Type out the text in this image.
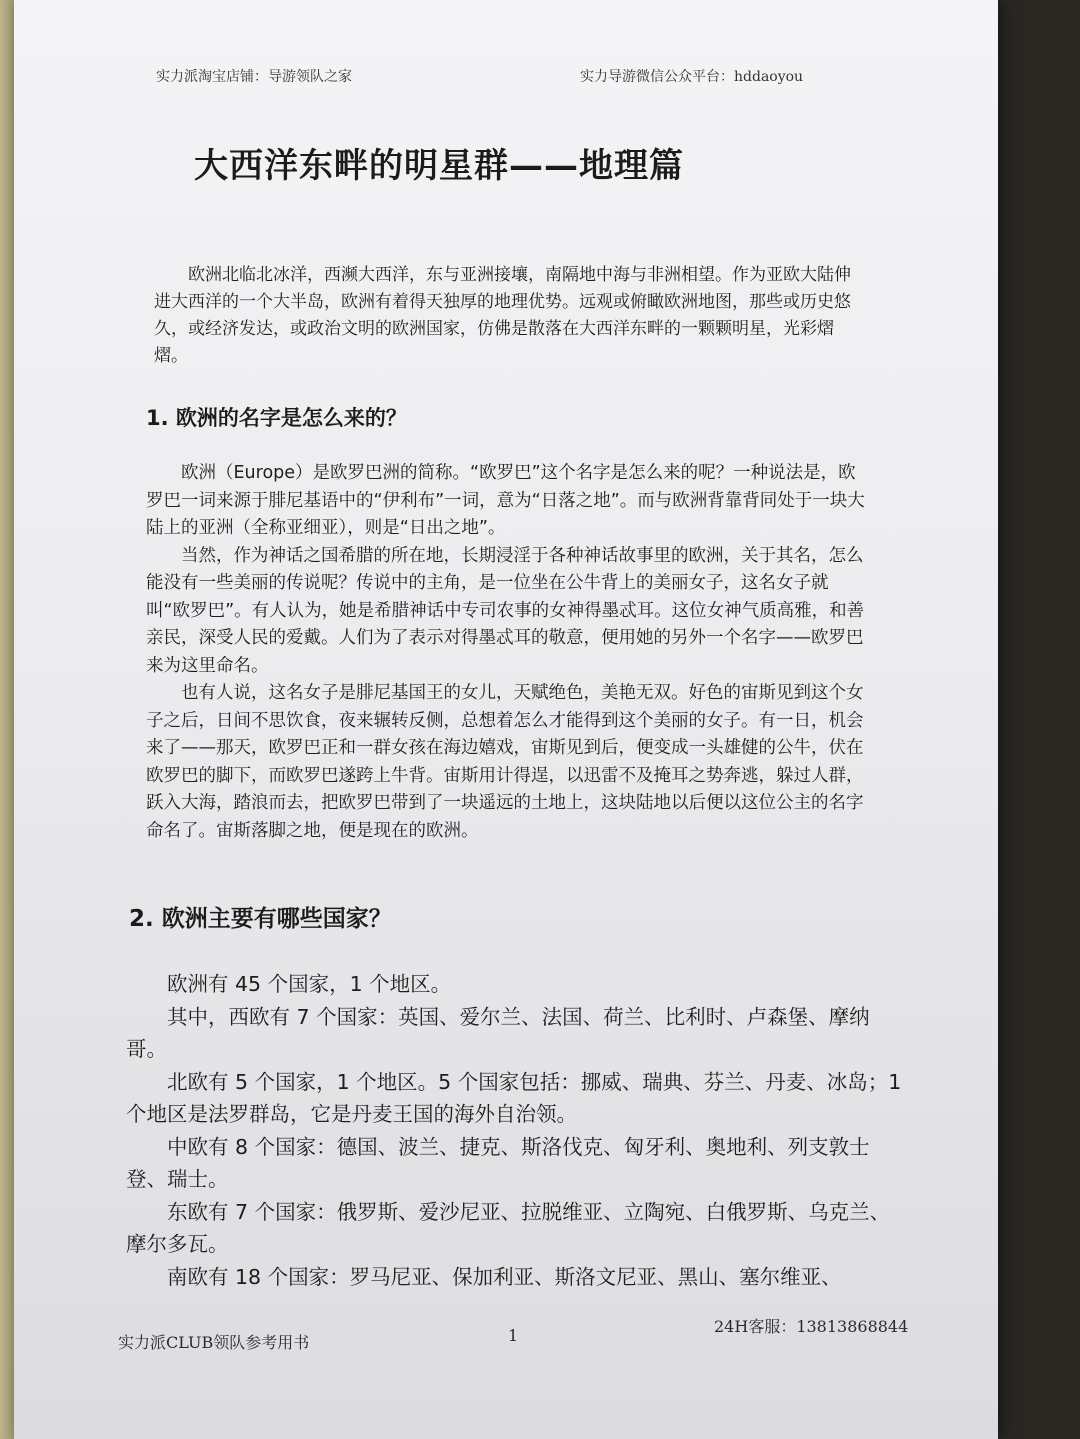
实力派淘宝店铺：导游领队之家	实力导游微信公众平台：hddaoyou
大西洋东畔的明星群——地理篇

欧洲北临北冰洋，西濒大西洋，东与亚洲接壤，南隔地中海与非洲相望。作为亚欧大陆伸进大西洋的一个大半岛，欧洲有着得天独厚的地理优势。远观或俯瞰欧洲地图，那些或历史悠久，或经济发达，或政治文明的欧洲国家，仿佛是散落在大西洋东畔的一颗颗明星，光彩熠熠。

1. 欧洲的名字是怎么来的？

欧洲（Europe）是欧罗巴洲的简称。“欧罗巴”这个名字是怎么来的呢？一种说法是，欧罗巴一词来源于腓尼基语中的“伊利布”一词，意为“日落之地”。而与欧洲背靠背同处于一块大陆上的亚洲（全称亚细亚），则是“日出之地”。

当然，作为神话之国希腊的所在地，长期浸淫于各种神话故事里的欧洲，关于其名，怎么能没有一些美丽的传说呢？传说中的主角，是一位坐在公牛背上的美丽女子，这名女子就叫“欧罗巴”。有人认为，她是希腊神话中专司农事的女神得墨忒耳。这位女神气质高雅，和善亲民，深受人民的爱戴。人们为了表示对得墨忒耳的敬意，便用她的另外一个名字——欧罗巴来为这里命名。

也有人说，这名女子是腓尼基国王的女儿，天赋绝色，美艳无双。好色的宙斯见到这个女子之后，日间不思饮食，夜来辗转反侧，总想着怎么才能得到这个美丽的女子。有一日，机会来了——那天，欧罗巴正和一群女孩在海边嬉戏，宙斯见到后，便变成一头雄健的公牛，伏在欧罗巴的脚下，而欧罗巴遂跨上牛背。宙斯用计得逞，以迅雷不及掩耳之势奔逃，躲过人群，跃入大海，踏浪而去，把欧罗巴带到了一块遥远的土地上，这块陆地以后便以这位公主的名字命名了。宙斯落脚之地，便是现在的欧洲。

2. 欧洲主要有哪些国家？

欧洲有 45 个国家，1 个地区。

其中，西欧有 7 个国家：英国、爱尔兰、法国、荷兰、比利时、卢森堡、摩纳哥。

北欧有 5 个国家，1 个地区。5 个国家包括：挪威、瑞典、芬兰、丹麦、冰岛；1 个地区是法罗群岛，它是丹麦王国的海外自治领。

中欧有 8 个国家：德国、波兰、捷克、斯洛伐克、匈牙利、奥地利、列支敦士登、瑞士。

东欧有 7 个国家：俄罗斯、爱沙尼亚、拉脱维亚、立陶宛、白俄罗斯、乌克兰、摩尔多瓦。

南欧有 18 个国家：罗马尼亚、保加利亚、斯洛文尼亚、黑山、塞尔维亚、

实力派CLUB领队参考用书	1	24H客服：13813868844
